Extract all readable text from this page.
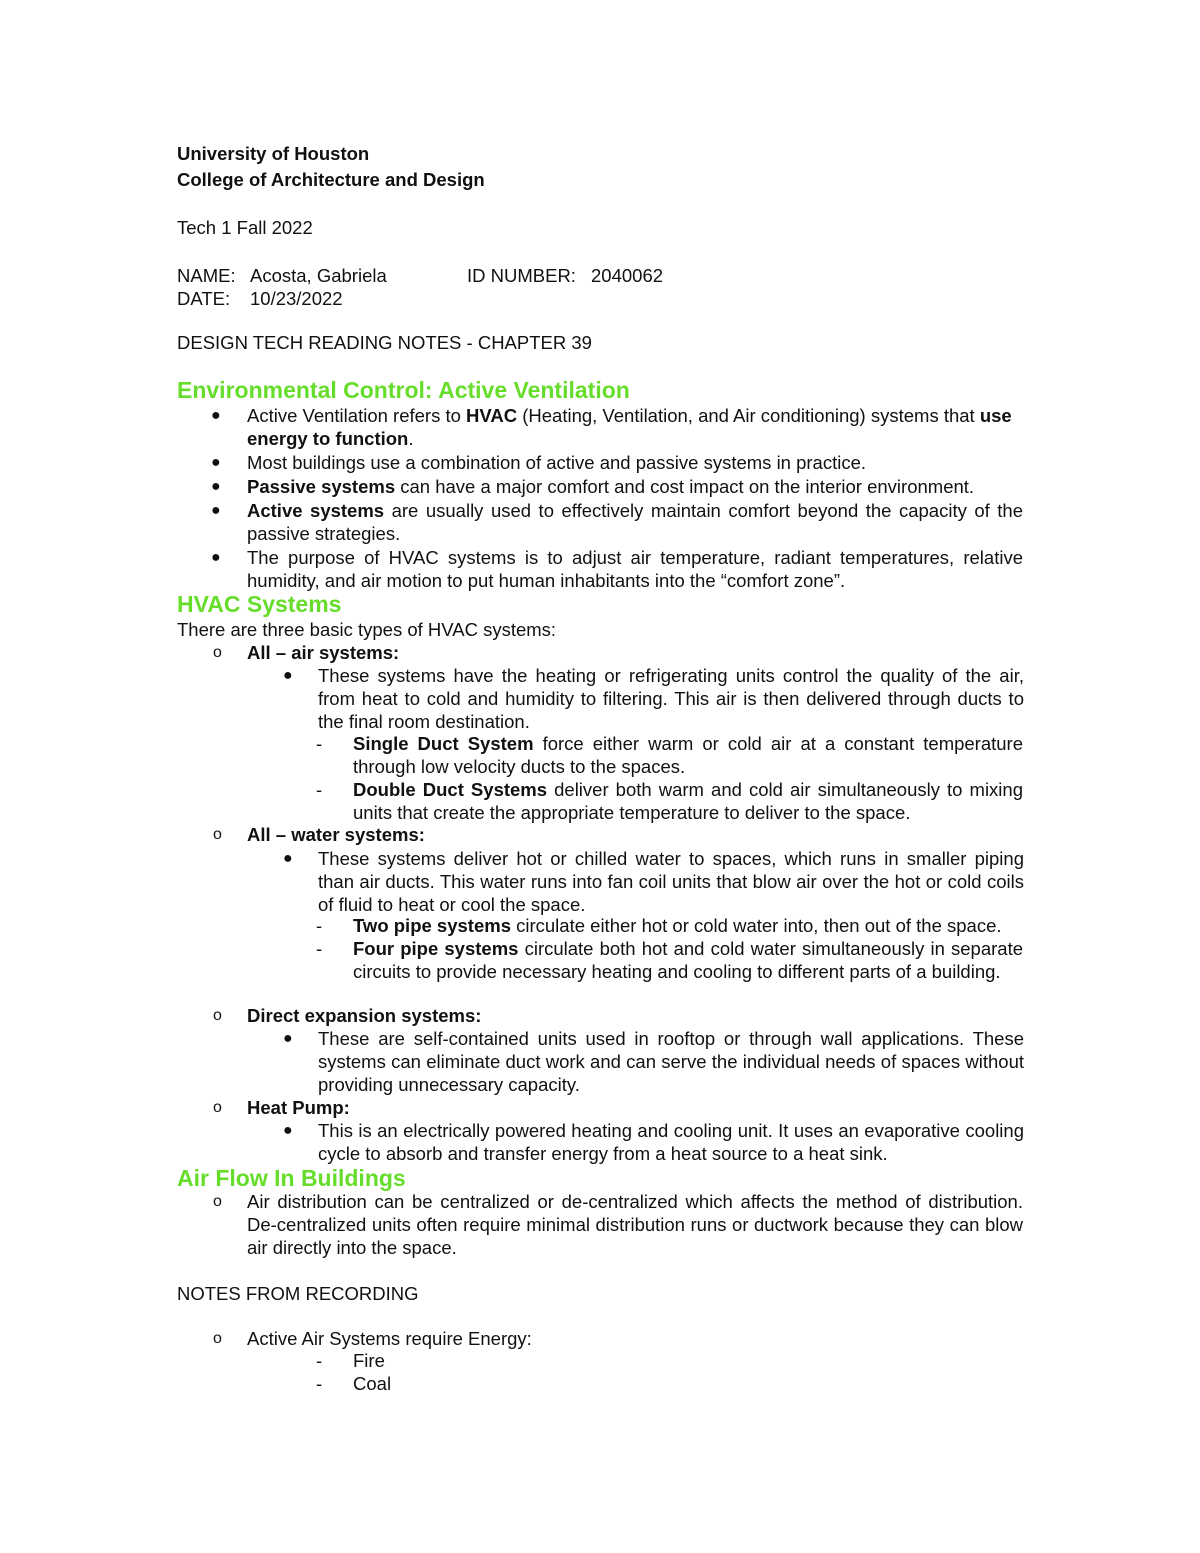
University of Houston
College of Architecture and Design
Tech 1 Fall 2022
NAME: Acosta, Gabriela	ID NUMBER: 2040062
DATE: 10/23/2022
DESIGN TECH READING NOTES - CHAPTER 39
Environmental Control: Active Ventilation
● Active Ventilation refers to HVAC (Heating, Ventilation, and Air conditioning) systems that use energy to function.
● Most buildings use a combination of active and passive systems in practice.
● Passive systems can have a major comfort and cost impact on the interior environment.
● Active systems are usually used to effectively maintain comfort beyond the capacity of the passive strategies.
● The purpose of HVAC systems is to adjust air temperature, radiant temperatures, relative humidity, and air motion to put human inhabitants into the “comfort zone”.
HVAC Systems
There are three basic types of HVAC systems:
o All – air systems:
● These systems have the heating or refrigerating units control the quality of the air, from heat to cold and humidity to filtering. This air is then delivered through ducts to the final room destination.
- Single Duct System force either warm or cold air at a constant temperature through low velocity ducts to the spaces.
- Double Duct Systems deliver both warm and cold air simultaneously to mixing units that create the appropriate temperature to deliver to the space.
o All – water systems:
● These systems deliver hot or chilled water to spaces, which runs in smaller piping than air ducts. This water runs into fan coil units that blow air over the hot or cold coils of fluid to heat or cool the space.
- Two pipe systems circulate either hot or cold water into, then out of the space.
- Four pipe systems circulate both hot and cold water simultaneously in separate circuits to provide necessary heating and cooling to different parts of a building.
o Direct expansion systems:
● These are self-contained units used in rooftop or through wall applications. These systems can eliminate duct work and can serve the individual needs of spaces without providing unnecessary capacity.
o Heat Pump:
● This is an electrically powered heating and cooling unit. It uses an evaporative cooling cycle to absorb and transfer energy from a heat source to a heat sink.
Air Flow In Buildings
o Air distribution can be centralized or de-centralized which affects the method of distribution. De-centralized units often require minimal distribution runs or ductwork because they can blow air directly into the space.
NOTES FROM RECORDING
o Active Air Systems require Energy:
- Fire
- Coal
